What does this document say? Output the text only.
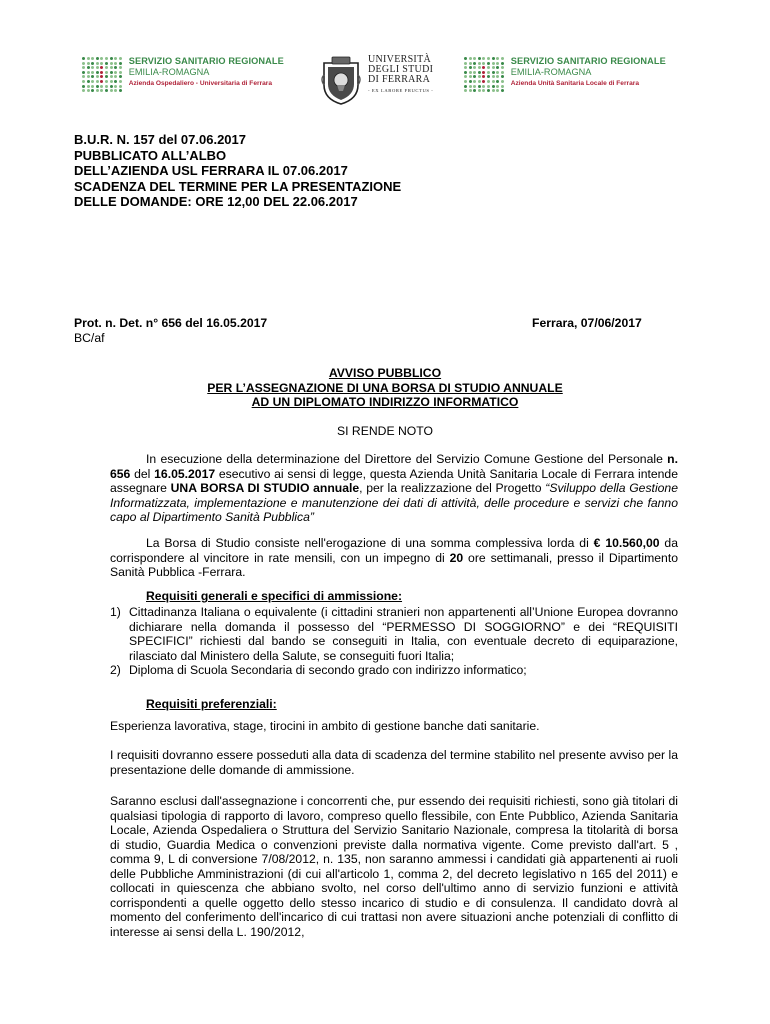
SERVIZIO SANITARIO REGIONALE
EMILIA-ROMAGNA
Azienda Ospedaliero - Universitaria di Ferrara
UNIVERSITÀ
DEGLI STUDI
DI FERRARA
- EX LABORE FRUCTUS -
SERVIZIO SANITARIO REGIONALE
EMILIA-ROMAGNA
Azienda Unità Sanitaria Locale di Ferrara
B.U.R. N. 157 del 07.06.2017
PUBBLICATO ALL’ALBO
DELL’AZIENDA USL FERRARA IL 07.06.2017
SCADENZA DEL TERMINE PER LA PRESENTAZIONE
DELLE DOMANDE: ORE 12,00 DEL 22.06.2017
Prot. n. Det. n° 656 del 16.05.2017
BC/af
Ferrara, 07/06/2017
AVVISO PUBBLICO
PER L’ASSEGNAZIONE DI UNA BORSA DI STUDIO ANNUALE
AD UN DIPLOMATO INDIRIZZO INFORMATICO
SI RENDE NOTO
In esecuzione della determinazione del Direttore del Servizio Comune Gestione del Personale n. 656 del 16.05.2017 esecutivo ai sensi di legge, questa Azienda Unità Sanitaria Locale di Ferrara intende assegnare UNA BORSA DI STUDIO annuale, per la realizzazione del Progetto “Sviluppo della Gestione Informatizzata, implementazione e manutenzione dei dati di attività, delle procedure e servizi che fanno capo al Dipartimento Sanità Pubblica”
La Borsa di Studio consiste nell'erogazione di una somma complessiva lorda di € 10.560,00 da corrispondere al vincitore in rate mensili, con un impegno di 20 ore settimanali, presso il Dipartimento Sanità Pubblica -Ferrara.
Requisiti generali e specifici di ammissione:
1) Cittadinanza Italiana o equivalente (i cittadini stranieri non appartenenti all’Unione Europea dovranno dichiarare nella domanda il possesso del “PERMESSO DI SOGGIORNO” e dei “REQUISITI SPECIFICI” richiesti dal bando se conseguiti in Italia, con eventuale decreto di equiparazione, rilasciato dal Ministero della Salute, se conseguiti fuori Italia;
2) Diploma di Scuola Secondaria di secondo grado con indirizzo informatico;
Requisiti preferenziali:
Esperienza lavorativa, stage, tirocini in ambito di gestione banche dati sanitarie.
I requisiti dovranno essere posseduti alla data di scadenza del termine stabilito nel presente avviso per la presentazione delle domande di ammissione.
Saranno esclusi dall'assegnazione i concorrenti che, pur essendo dei requisiti richiesti, sono già titolari di qualsiasi tipologia di rapporto di lavoro, compreso quello flessibile, con Ente Pubblico, Azienda Sanitaria Locale, Azienda Ospedaliera o Struttura del Servizio Sanitario Nazionale, compresa la titolarità di borsa di studio, Guardia Medica o convenzioni previste dalla normativa vigente. Come previsto dall'art. 5 , comma 9, L di conversione 7/08/2012, n. 135, non saranno ammessi i candidati già appartenenti ai ruoli delle Pubbliche Amministrazioni (di cui all'articolo 1, comma 2, del decreto legislativo n 165 del 2011) e collocati in quiescenza che abbiano svolto, nel corso dell'ultimo anno di servizio funzioni e attività corrispondenti a quelle oggetto dello stesso incarico di studio e di consulenza. Il candidato dovrà al momento del conferimento dell'incarico di cui trattasi non avere situazioni anche potenziali di conflitto di interesse ai sensi della L. 190/2012,
